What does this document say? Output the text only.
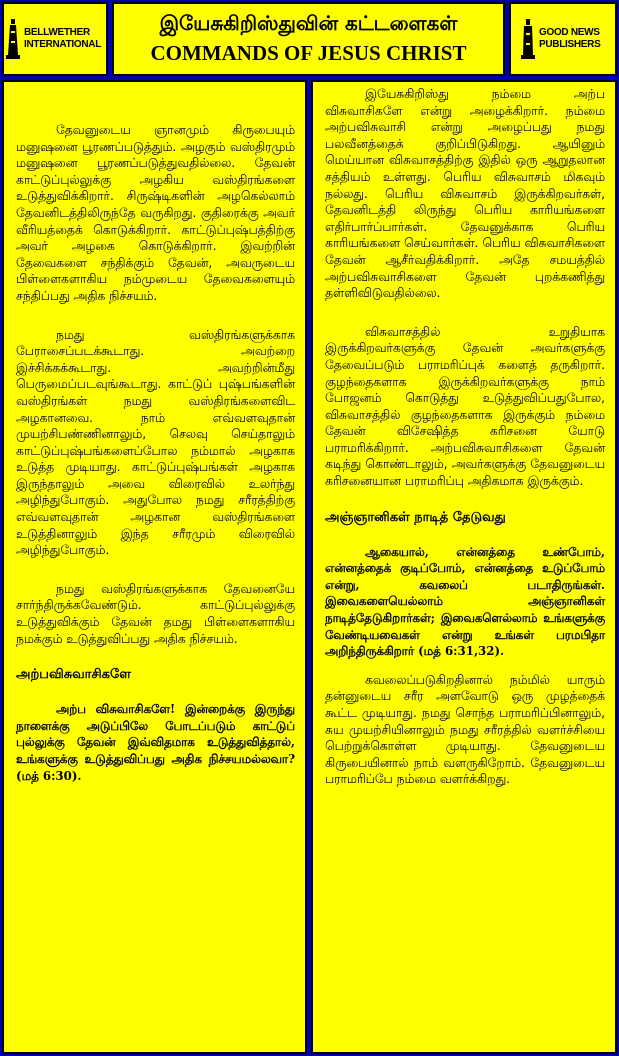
BELLWETHER INTERNATIONAL
இயேசுகிறிஸ்துவின் கட்டளைகள்
COMMANDS OF JESUS CHRIST
GOOD NEWS PUBLISHERS

தேவனுடைய ஞானமும் கிருபையும் மனுஷனை பூரணப்படுத்தும். அழகும் வஸ்திரமும் மனுஷனை பூரணப்படுத்துவதில்லை. தேவன் காட்டுப்புல்லுக்கு அழகிய வஸ்திரங்களை உடுத்துவிக்கிறார். சிருஷ்டிகளின் அழகெல்லாம் தேவனிடத்திலிருந்தே வருகிறது. குதிரைக்கு அவர் வீரியத்தைக் கொடுக்கிறார். காட்டுப்புஷ்பத்திற்கு அவர் அழகை கொடுக்கிறார். இவற்றின் தேவைகளை சந்திக்கும் தேவன், அவருடைய பிள்ளைகளாகிய நம்முடைய தேவைகளையும் சந்திப்பது அதிக நிச்சயம்.

நமது வஸ்திரங்களுக்காக பேராசைப்படக்கூடாது. அவற்றை இச்சிக்கக்கூடாது. அவற்றின்மீது பெருமைப்படவுங்கூடாது. காட்டுப் புஷ்பங்களின் வஸ்திரங்கள் நமது வஸ்திரங்களைவிட அழகானவை. நாம் எவ்வளவுதான் முயற்சிபண்ணினாலும், செலவு செய்தாலும் காட்டுப்புஷ்பங்களைப்போல நம்மால் அழகாக உடுத்த முடியாது. காட்டுப்புஷ்பங்கள் அழகாக இருந்தாலும் அவை விரைவில் உலர்ந்து அழிந்துபோகும். அதுபோல நமது சரீரத்திற்கு எவ்வளவுதான் அழகான வஸ்திரங்களை உடுத்தினாலும் இந்த சரீரமும் விரைவில் அழிந்துபோகும்.

நமது வஸ்திரங்களுக்காக தேவனையே சார்ந்திருக்கவேண்டும். காட்டுப்புல்லுக்கு உடுத்துவிக்கும் தேவன் தமது பிள்ளைகளாகிய நமக்கும் உடுத்துவிப்பது அதிக நிச்சயம்.

அற்பவிசுவாசிகளே

அற்ப விசுவாசிகளே! இன்றைக்கு இருந்து நாளைக்கு அடுப்பிலே போடப்படும் காட்டுப் புல்லுக்கு தேவன் இவ்விதமாக உடுத்துவித்தால், உங்களுக்கு உடுத்துவிப்பது அதிக நிச்சயமல்லவா? (மத் 6:30).

இயேசுகிறிஸ்து நம்மை அற்ப விசுவாசிகளே என்று அழைக்கிறார். நம்மை அற்பவிசுவாசி என்று அழைப்பது நமது பலவீனத்தைக் குறிப்பிடுகிறது. ஆயினும் மெய்யான விசுவாசத்திற்கு இதில் ஒரு ஆறுதலான சத்தியம் உள்ளது. பெரிய விசுவாசம் மிகவும் நல்லது. பெரிய விசுவாசம் இருக்கிறவர்கள், தேவனிடத்தி லிருந்து பெரிய காரியங்களை எதிர்பார்ப்பார்கள். தேவனுக்காக பெரிய காரியங்களை செய்வார்கள். பெரிய விசுவாசிகளை தேவன் ஆசீர்வதிக்கிறார். அதே சமயத்தில் அற்பவிசுவாசிகளை தேவன் புறக்கணித்து தள்ளிவிடுவதில்லை.

விசுவாசத்தில் உறுதியாக இருக்கிறவர்களுக்கு தேவன் அவர்களுக்கு தேவைப்படும் பராமரிப்புக் களைத் தருகிறார். குழந்தைகளாக இருக்கிறவர்களுக்கு நாம் போஜனம் கொடுத்து உடுத்துவிப்பதுபோல, விசுவாசத்தில் குழந்தைகளாக இருக்கும் நம்மை தேவன் விசேஷித்த கரிசனை யோடு பராமரிக்கிறார். அற்பவிசுவாசிகளை தேவன் கடிந்து கொண்டாலும், அவர்களுக்கு தேவனுடைய கரிசனையான பராமரிப்பு அதிகமாக இருக்கும்.

அஞ்ஞானிகள் நாடித் தேடுவது

ஆகையால், என்னத்தை உண்போம், என்னத்தைக் குடிப்போம், என்னத்தை உடுப்போம் என்று, கவலைப் படாதிருங்கள். இவைகளையெல்லாம் அஞ்ஞானிகள் நாடித்தேடுகிறார்கள்; இவைகளெல்லாம் உங்களுக்கு வேண்டியவைகள் என்று உங்கள் பரமபிதா அறிந்திருக்கிறார் (மத் 6:31,32).

கவலைப்படுகிறதினால் நம்மில் யாரும் தன்னுடைய சரீர அளவோடு ஒரு முழத்தைக் கூட்ட முடியாது. நமது சொந்த பராமரிப்பினாலும், சுய முயற்சியினாலும் நமது சரீரத்தில் வளர்ச்சியை பெற்றுக்கொள்ள முடியாது. தேவனுடைய கிருபையினால் நாம் வளருகிறோம். தேவனுடைய பராமரிப்பே நம்மை வளர்க்கிறது.
